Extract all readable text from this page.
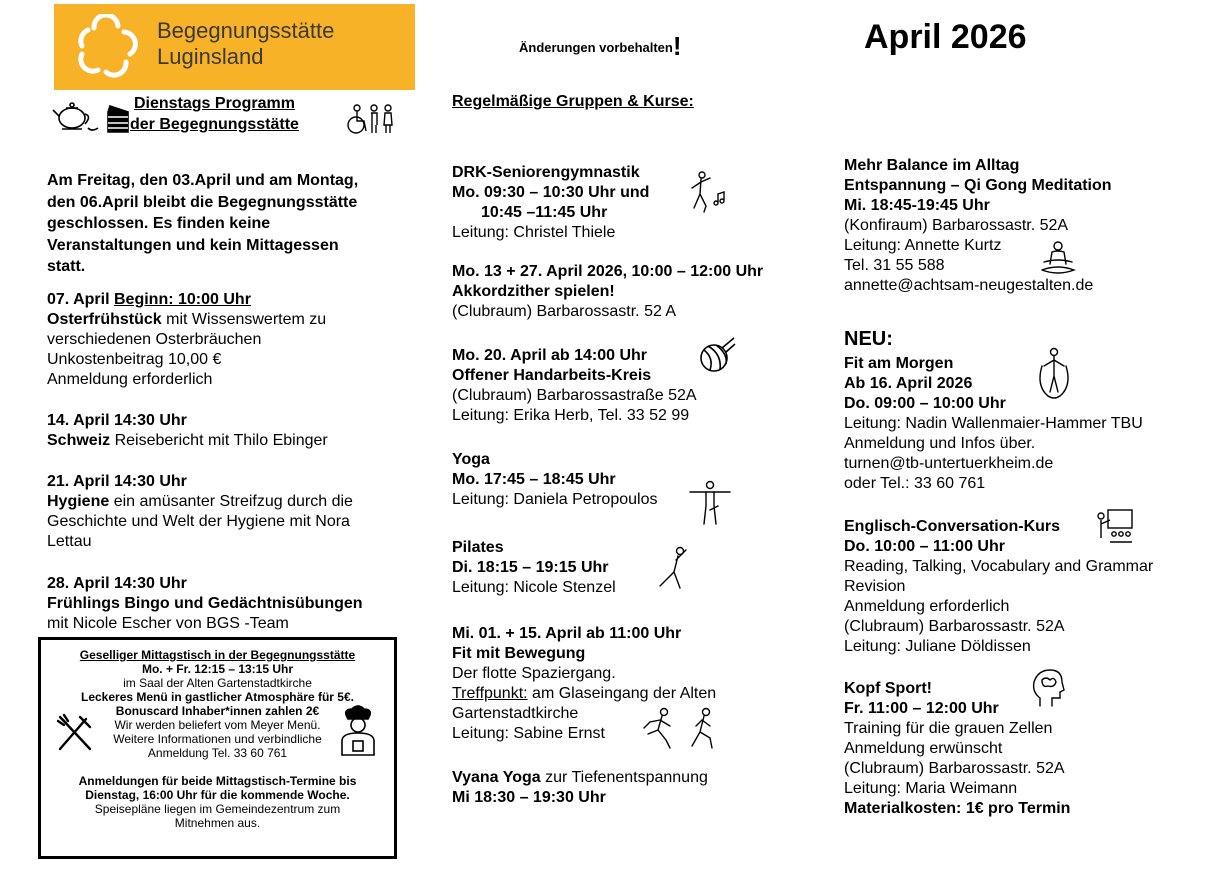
Begegnungsstätte
Luginsland	Änderungen vorbehalten!	April 2026
Dienstags Programm
der Begegnungsstätte
Regelmäßige Gruppen & Kurse:
Am Freitag, den 03.April und am Montag,
den 06.April bleibt die Begegnungsstätte
geschlossen. Es finden keine
Veranstaltungen und kein Mittagessen
statt.
07. April Beginn: 10:00 Uhr
Osterfrühstück mit Wissenswertem zu
verschiedenen Osterbräuchen
Unkostenbeitrag 10,00 €
Anmeldung erforderlich
14. April 14:30 Uhr
Schweiz Reisebericht mit Thilo Ebinger
21. April 14:30 Uhr
Hygiene ein amüsanter Streifzug durch die
Geschichte und Welt der Hygiene mit Nora
Lettau
28. April 14:30 Uhr
Frühlings Bingo und Gedächtnisübungen
mit Nicole Escher von BGS -Team
Geselliger Mittagstisch in der Begegnungsstätte
Mo. + Fr. 12:15 – 13:15 Uhr
im Saal der Alten Gartenstadtkirche
Leckeres Menü in gastlicher Atmosphäre für 5€.
Bonuscard Inhaber*innen zahlen 2€
Wir werden beliefert vom Meyer Menü.
Weitere Informationen und verbindliche
Anmeldung Tel. 33 60 761
Anmeldungen für beide Mittagstisch-Termine bis
Dienstag, 16:00 Uhr für die kommende Woche.
Speisepläne liegen im Gemeindezentrum zum
Mitnehmen aus.
DRK-Seniorengymnastik
Mo. 09:30 – 10:30 Uhr und
10:45 –11:45 Uhr
Leitung: Christel Thiele
Mo. 13 + 27. April 2026, 10:00 – 12:00 Uhr
Akkordzither spielen!
(Clubraum) Barbarossastr. 52 A
Mo. 20. April ab 14:00 Uhr
Offener Handarbeits-Kreis
(Clubraum) Barbarossastraße 52A
Leitung: Erika Herb, Tel. 33 52 99
Yoga
Mo. 17:45 – 18:45 Uhr
Leitung: Daniela Petropoulos
Pilates
Di. 18:15 – 19:15 Uhr
Leitung: Nicole Stenzel
Mi. 01. + 15. April ab 11:00 Uhr
Fit mit Bewegung
Der flotte Spaziergang.
Treffpunkt: am Glaseingang der Alten
Gartenstadtkirche
Leitung: Sabine Ernst
Vyana Yoga zur Tiefenentspannung
Mi 18:30 – 19:30 Uhr
Mehr Balance im Alltag
Entspannung – Qi Gong Meditation
Mi. 18:45-19:45 Uhr
(Konfiraum) Barbarossastr. 52A
Leitung: Annette Kurtz
Tel. 31 55 588
annette@achtsam-neugestalten.de
NEU:
Fit am Morgen
Ab 16. April 2026
Do. 09:00 – 10:00 Uhr
Leitung: Nadin Wallenmaier-Hammer TBU
Anmeldung und Infos über.
turnen@tb-untertuerkheim.de
oder Tel.: 33 60 761
Englisch-Conversation-Kurs
Do. 10:00 – 11:00 Uhr
Reading, Talking, Vocabulary and Grammar
Revision
Anmeldung erforderlich
(Clubraum) Barbarossastr. 52A
Leitung: Juliane Döldissen
Kopf Sport!
Fr. 11:00 – 12:00 Uhr
Training für die grauen Zellen
Anmeldung erwünscht
(Clubraum) Barbarossastr. 52A
Leitung: Maria Weimann
Materialkosten: 1€ pro Termin
